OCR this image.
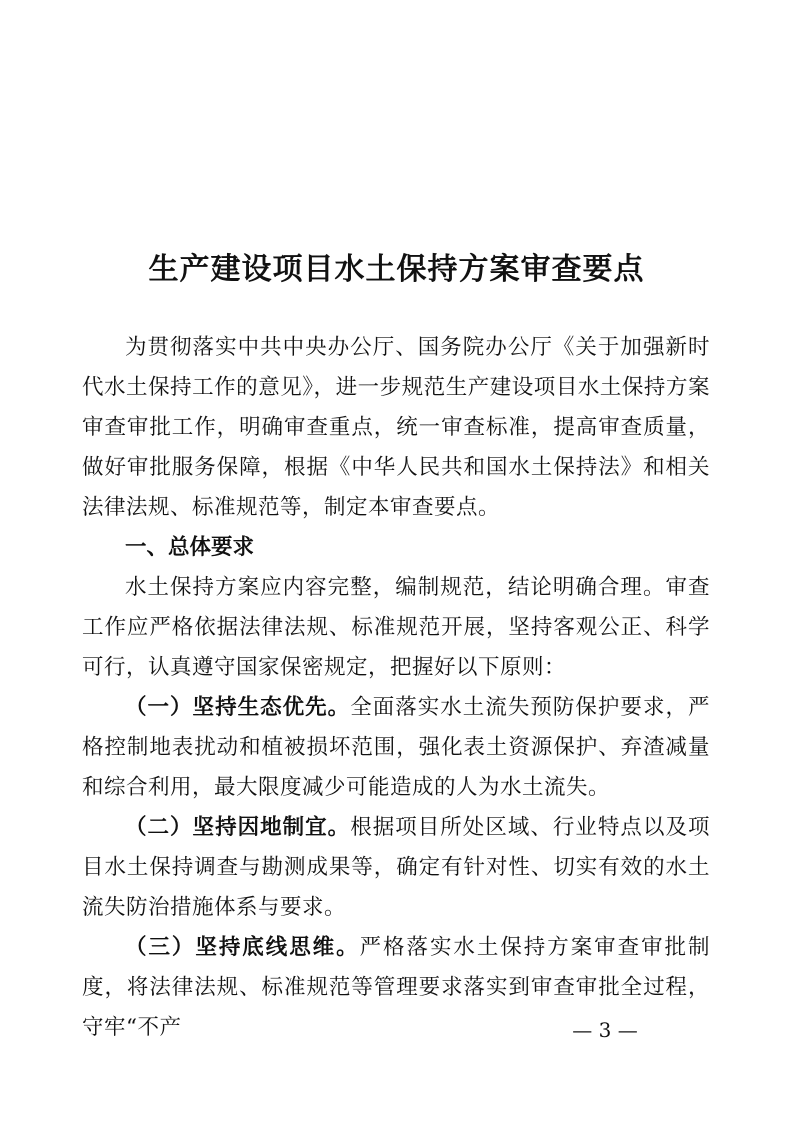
生产建设项目水土保持方案审查要点

为贯彻落实中共中央办公厅、国务院办公厅《关于加强新时代水土保持工作的意见》，进一步规范生产建设项目水土保持方案审查审批工作，明确审查重点，统一审查标准，提高审查质量，做好审批服务保障，根据《中华人民共和国水土保持法》和相关法律法规、标准规范等，制定本审查要点。

一、总体要求

水土保持方案应内容完整，编制规范，结论明确合理。审查工作应严格依据法律法规、标准规范开展，坚持客观公正、科学可行，认真遵守国家保密规定，把握好以下原则：

（一）坚持生态优先。全面落实水土流失预防保护要求，严格控制地表扰动和植被损坏范围，强化表土资源保护、弃渣减量和综合利用，最大限度减少可能造成的人为水土流失。

（二）坚持因地制宜。根据项目所处区域、行业特点以及项目水土保持调查与勘测成果等，确定有针对性、切实有效的水土流失防治措施体系与要求。

（三）坚持底线思维。严格落实水土保持方案审查审批制度，将法律法规、标准规范等管理要求落实到审查审批全过程，守牢“不产	— 3 —
